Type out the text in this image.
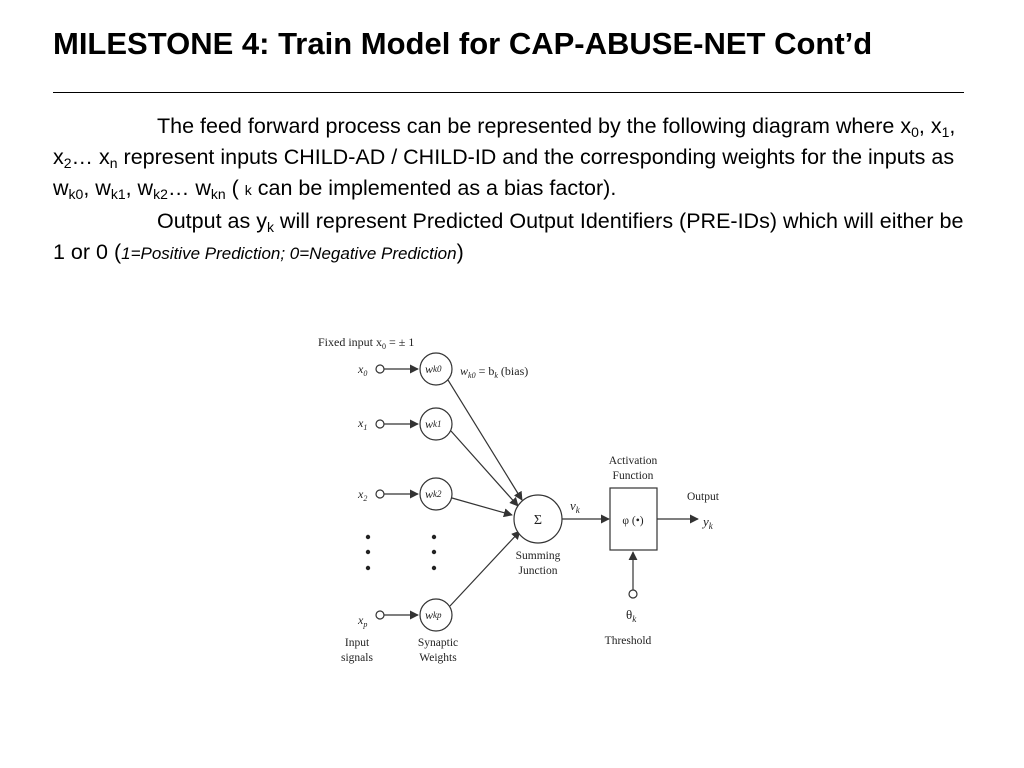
MILESTONE 4: Train Model for CAP-ABUSE-NET Cont’d

The feed forward process can be represented by the following diagram where $x_0$, $x_1$, $x_2\dots$ $x_n$ represent inputs CHILD-AD / CHILD-ID and the corresponding weights for the inputs as $w_{k0}$, $w_{k1}$, $w_{k2}\dots$ $w_{kn}$ ( k can be implemented as a bias factor).

Output as $y_k$ will represent Predicted Output Identifiers (PRE-IDs) which will either be 1 or 0 (1=Positive Prediction; 0=Negative Prediction)

Fixed input $x_0$ = ± 1
$x_0$
$x_1$
$x_2$
$x_p$
wk0
wk1
wk2
wkp
$w_{k0} = b_k$ (bias)
Σ
Summing
Junction
$v_k$
Activation
Function
φ (•)
Output
$y_k$
$\theta_k$
Threshold
Input
signals
Synaptic
Weights
